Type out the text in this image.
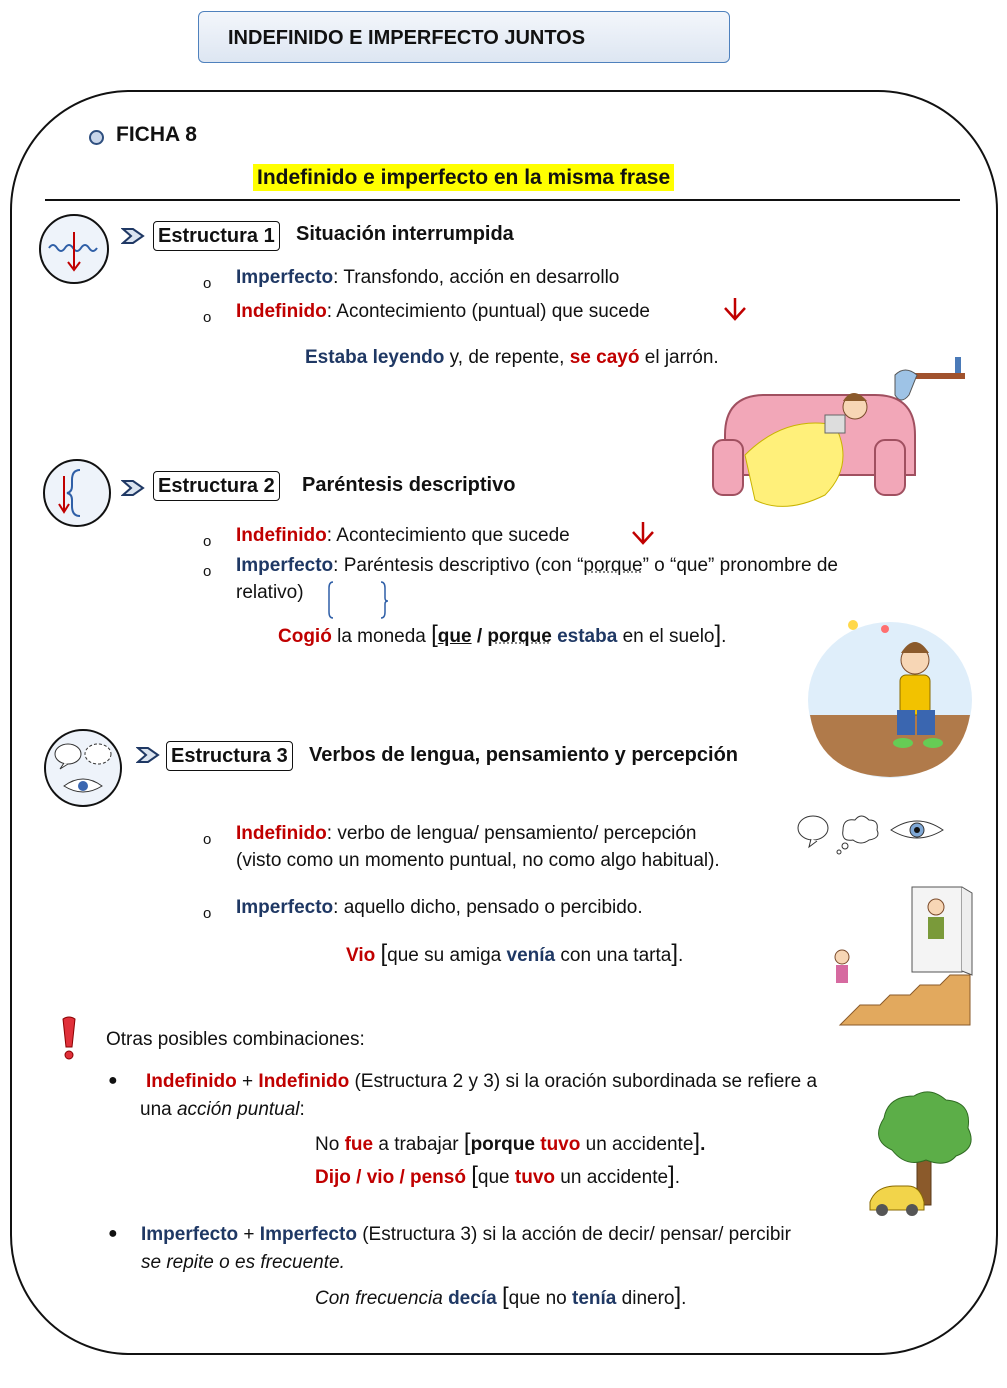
INDEFINIDO E IMPERFECTO JUNTOS
FICHA 8
Indefinido e imperfecto en la misma frase
Estructura 1 Situación interrumpida
o Imperfecto: Transfondo, acción en desarrollo
o Indefinido: Acontecimiento (puntual) que sucede
Estaba leyendo y, de repente, se cayó el jarrón.
Estructura 2 Paréntesis descriptivo
o Indefinido: Acontecimiento que sucede
o Imperfecto: Paréntesis descriptivo (con “porque” o “que” pronombre de
relativo)
Cogió la moneda [que / porque estaba en el suelo].
Estructura 3 Verbos de lengua, pensamiento y percepción
o Indefinido: verbo de lengua/ pensamiento/ percepción
(visto como un momento puntual, no como algo habitual).
o Imperfecto: aquello dicho, pensado o percibido.
Vio [que su amiga venía con una tarta].
Otras posibles combinaciones:
● Indefinido + Indefinido (Estructura 2 y 3) si la oración subordinada se refiere a
una acción puntual:
No fue a trabajar [porque tuvo un accidente].
Dijo / vio / pensó [que tuvo un accidente].
● Imperfecto + Imperfecto (Estructura 3) si la acción de decir/ pensar/ percibir
se repite o es frecuente.
Con frecuencia decía [que no tenía dinero].
